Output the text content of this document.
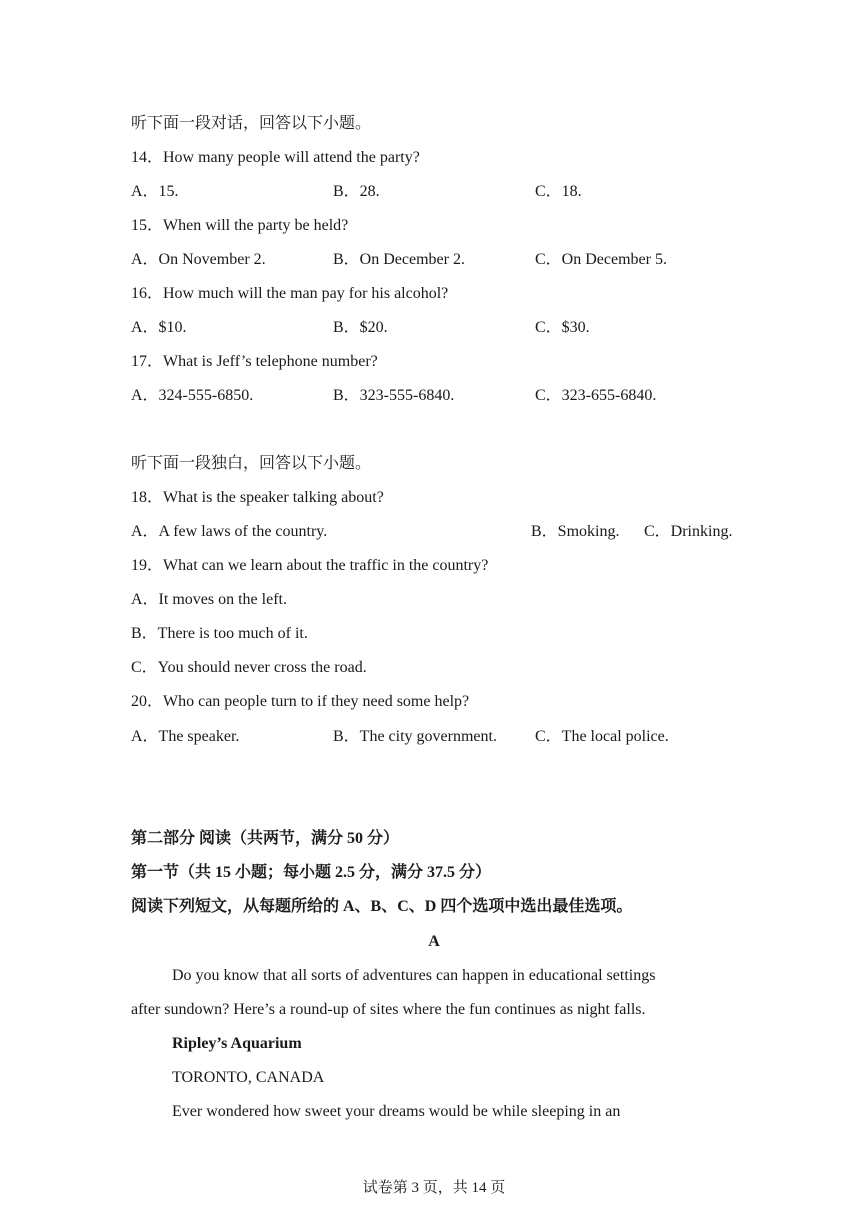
听下面一段对话，回答以下小题。
14．How many people will attend the party?
A．15.	B．28.	C．18.
15．When will the party be held?
A．On November 2.	B．On December 2.	C．On December 5.
16．How much will the man pay for his alcohol?
A．$10.	B．$20.	C．$30.
17．What is Jeff’s telephone number?
A．324-555-6850.	B．323-555-6840.	C．323-655-6840.
听下面一段独白，回答以下小题。
18．What is the speaker talking about?
A．A few laws of the country.	B．Smoking. C．Drinking.
19．What can we learn about the traffic in the country?
A．It moves on the left.
B．There is too much of it.
C．You should never cross the road.
20．Who can people turn to if they need some help?
A．The speaker.	B．The city government. C．The local police.
第二部分 阅读（共两节，满分 50 分）
第一节（共 15 小题；每小题 2.5 分，满分 37.5 分）
阅读下列短文，从每题所给的 A、B、C、D 四个选项中选出最佳选项。
A
Do you know that all sorts of adventures can happen in educational settings
after sundown? Here’s a round-up of sites where the fun continues as night falls.
Ripley’s Aquarium
TORONTO, CANADA
Ever wondered how sweet your dreams would be while sleeping in an
试卷第 3 页，共 14 页
